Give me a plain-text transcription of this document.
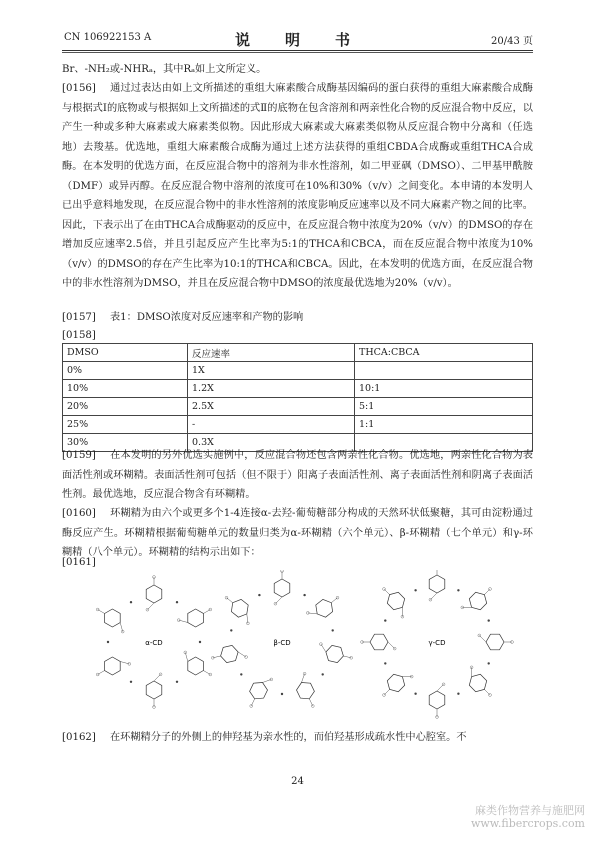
CN 106922153 A	说　明　书	20/43 页
Br、-NH₂或-NHRₐ，其中Rₐ如上文所定义。
[0156] 通过过表达由如上文所描述的重组大麻素酸合成酶基因编码的蛋白获得的重组大麻素酸合成酶与根据式Ⅰ的底物或与根据如上文所描述的式Ⅱ的底物在包含溶剂和两亲性化合物的反应混合物中反应，以产生一种或多种大麻素或大麻素类似物。因此形成大麻素或大麻素类似物从反应混合物中分离和（任选地）去羧基。优选地，重组大麻素酸合成酶为通过上述方法获得的重组CBDA合成酶或重组THCA合成酶。在本发明的优选方面，在反应混合物中的溶剂为非水性溶剂，如二甲亚砜（DMSO）、二甲基甲酰胺（DMF）或异丙醇。在反应混合物中溶剂的浓度可在10%和30%（v/v）之间变化。本申请的本发明人已出乎意料地发现，在反应混合物中的非水性溶剂的浓度影响反应速率以及不同大麻素产物之间的比率。因此，下表示出了在由THCA合成酶驱动的反应中，在反应混合物中浓度为20%（v/v）的DMSO的存在增加反应速率2.5倍，并且引起反应产生比率为5:1的THCA和CBCA，而在反应混合物中浓度为10%（v/v）的DMSO的存在产生比率为10:1的THCA和CBCA。因此，在本发明的优选方面，在反应混合物中的非水性溶剂为DMSO，并且在反应混合物中DMSO的浓度最优选地为20%（v/v）。
[0157] 表1：DMSO浓度对反应速率和产物的影响
[0158]
DMSO	反应速率	THCA:CBCA
0%	1X	
10%	1.2X	10:1
20%	2.5X	5:1
25%	-	1:1
30%	0.3X	
[0159] 在本发明的另外优选实施例中，反应混合物还包含两亲性化合物。优选地，两亲性化合物为表面活性剂或环糊精。表面活性剂可包括（但不限于）阳离子表面活性剂、离子表面活性剂和阴离子表面活性剂。最优选地，反应混合物含有环糊精。
[0160] 环糊精为由六个或更多个1-4连接α-去羟-葡萄糖部分构成的天然环状低聚糖，其可由淀粉通过酶反应产生。环糊精根据葡萄糖单元的数量归类为α-环糊精（六个单元）、β-环糊精（七个单元）和γ-环糊精（八个单元）。环糊精的结构示出如下：
[0161]
α-CD	β-CD	γ-CD
[0162] 在环糊精分子的外侧上的伸羟基为亲水性的，而伯羟基形成疏水性中心腔室。不
24
麻类作物营养与施肥网
www.fibercrops.com
